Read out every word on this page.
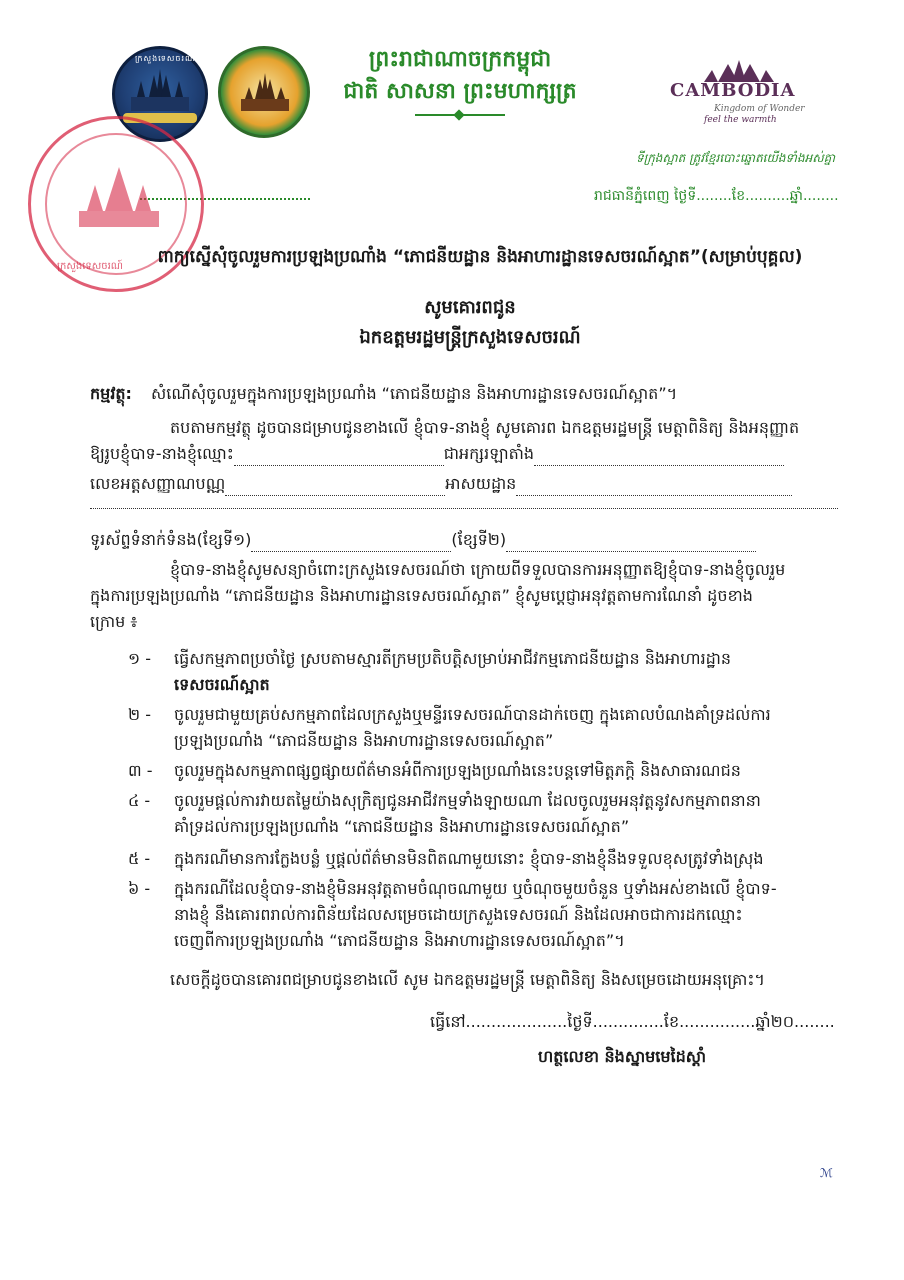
ក្រសួងទេសចរណ៍	ព្រះរាជាណាចក្រកម្ពុជា
ជាតិ សាសនា ព្រះមហាក្សត្រ	CAMBODIA
Kingdom of Wonder
feel the warmth
ទីក្រុងស្អាត ត្រូវខ្មែរបោះឆ្នោតយើងទាំងអស់គ្នា
រាជធានីភ្នំពេញ ថ្ងៃទី........ខែ..........ឆ្នាំ........
ក្រសួងទេសចរណ៍	ពាក្យស្នើសុំចូលរួមការប្រឡងប្រណាំង “ភោជនីយដ្ឋាន និងអាហារដ្ឋានទេសចរណ៍ស្អាត”(សម្រាប់បុគ្គល)
សូមគោរពជូន
ឯកឧត្តមរដ្ឋមន្ត្រីក្រសួងទេសចរណ៍
កម្មវត្ថុ: សំណើសុំចូលរួមក្នុងការប្រឡងប្រណាំង “ភោជនីយដ្ឋាន និងអាហារដ្ឋានទេសចរណ៍ស្អាត”។
តបតាមកម្មវត្ថុ ដូចបានជម្រាបជូនខាងលើ ខ្ញុំបាទ-នាងខ្ញុំ សូមគោរព ឯកឧត្តមរដ្ឋមន្ត្រី មេត្តាពិនិត្យ និងអនុញ្ញាត
ឱ្យរូបខ្ញុំបាទ-នាងខ្ញុំឈ្មោះ	ជាអក្សរឡាតាំង
លេខអត្តសញ្ញាណបណ្ណ	អាសយដ្ឋាន
ទូរស័ព្ទទំនាក់ទំនង(ខ្សែទី១)	(ខ្សែទី២)
ខ្ញុំបាទ-នាងខ្ញុំសូមសន្យាចំពោះក្រសួងទេសចរណ៍ថា ក្រោយពីទទួលបានការអនុញ្ញាតឱ្យខ្ញុំបាទ-នាងខ្ញុំចូលរួម
ក្នុងការប្រឡងប្រណាំង “ភោជនីយដ្ឋាន និងអាហារដ្ឋានទេសចរណ៍ស្អាត” ខ្ញុំសូមប្តេជ្ញាអនុវត្តតាមការណែនាំ ដូចខាង
ក្រោម ៖
១ -	ធ្វើសកម្មភាពប្រចាំថ្ងៃ ស្របតាមស្មារតីក្រមប្រតិបត្តិសម្រាប់អាជីវកម្មភោជនីយដ្ឋាន និងអាហារដ្ឋាន
ទេសចរណ៍ស្អាត
២ -	ចូលរួមជាមួយគ្រប់សកម្មភាពដែលក្រសួងឬមន្ទីរទេសចរណ៍បានដាក់ចេញ ក្នុងគោលបំណងគាំទ្រដល់ការ
ប្រឡងប្រណាំង “ភោជនីយដ្ឋាន និងអាហារដ្ឋានទេសចរណ៍ស្អាត”
៣ -	ចូលរួមក្នុងសកម្មភាពផ្សព្វផ្សាយព័ត៌មានអំពីការប្រឡងប្រណាំងនេះបន្តទៅមិត្តភក្តិ និងសាធារណជន
៤ -	ចូលរួមផ្តល់ការវាយតម្លៃយ៉ាងសុក្រិត្យជូនអាជីវកម្មទាំងឡាយណា ដែលចូលរួមអនុវត្តនូវសកម្មភាពនានា
គាំទ្រដល់ការប្រឡងប្រណាំង “ភោជនីយដ្ឋាន និងអាហារដ្ឋានទេសចរណ៍ស្អាត”
៥ -	ក្នុងករណីមានការក្លែងបន្លំ ឬផ្តល់ព័ត៌មានមិនពិតណាមួយនោះ ខ្ញុំបាទ-នាងខ្ញុំនឹងទទួលខុសត្រូវទាំងស្រុង
៦ -	ក្នុងករណីដែលខ្ញុំបាទ-នាងខ្ញុំមិនអនុវត្តតាមចំណុចណាមួយ ឬចំណុចមួយចំនួន ឬទាំងអស់ខាងលើ ខ្ញុំបាទ-
នាងខ្ញុំ នឹងគោរពរាល់ការពិន័យដែលសម្រេចដោយក្រសួងទេសចរណ៍ និងដែលអាចជាការដកឈ្មោះ
ចេញពីការប្រឡងប្រណាំង “ភោជនីយដ្ឋាន និងអាហារដ្ឋានទេសចរណ៍ស្អាត”។
សេចក្តីដូចបានគោរពជម្រាបជូនខាងលើ សូម ឯកឧត្តមរដ្ឋមន្ត្រី មេត្តាពិនិត្យ និងសម្រេចដោយអនុគ្រោះ។
ធ្វើនៅ....................ថ្ងៃទី..............ខែ...............ឆ្នាំ២០........
ហត្ថលេខា និងស្នាមមេដៃស្តាំ
ℳ
